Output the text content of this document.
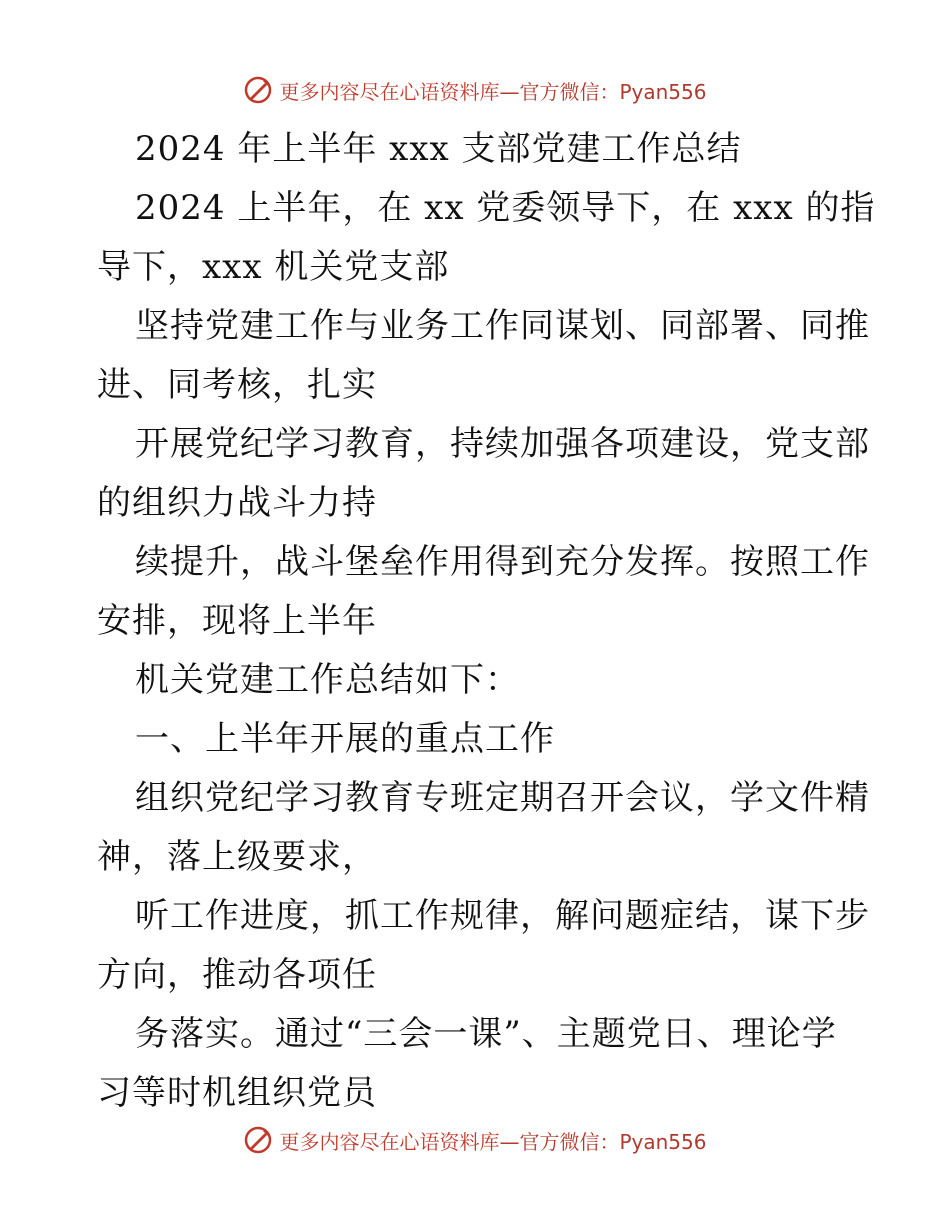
更多内容尽在心语资料库 —官方微信：Pyan556
2024 年上半年 xxx 支部党建工作总结
2024 上半年，在 xx 党委领导下，在 xxx 的指
导下，xxx 机关党支部
坚持党建工作与业务工作同谋划、同部署、同推
进、同考核，扎实
开展党纪学习教育，持续加强各项建设，党支部
的组织力战斗力持
续提升，战斗堡垒作用得到充分发挥。按照工作
安排，现将上半年
机关党建工作总结如下：
一、上半年开展的重点工作
组织党纪学习教育专班定期召开会议，学文件精
神，落上级要求，
听工作进度，抓工作规律，解问题症结，谋下步
方向，推动各项任
务落实。通过“三会一课”、主题党日、理论学
习等时机组织党员
更多内容尽在心语资料库 —官方微信：Pyan556
